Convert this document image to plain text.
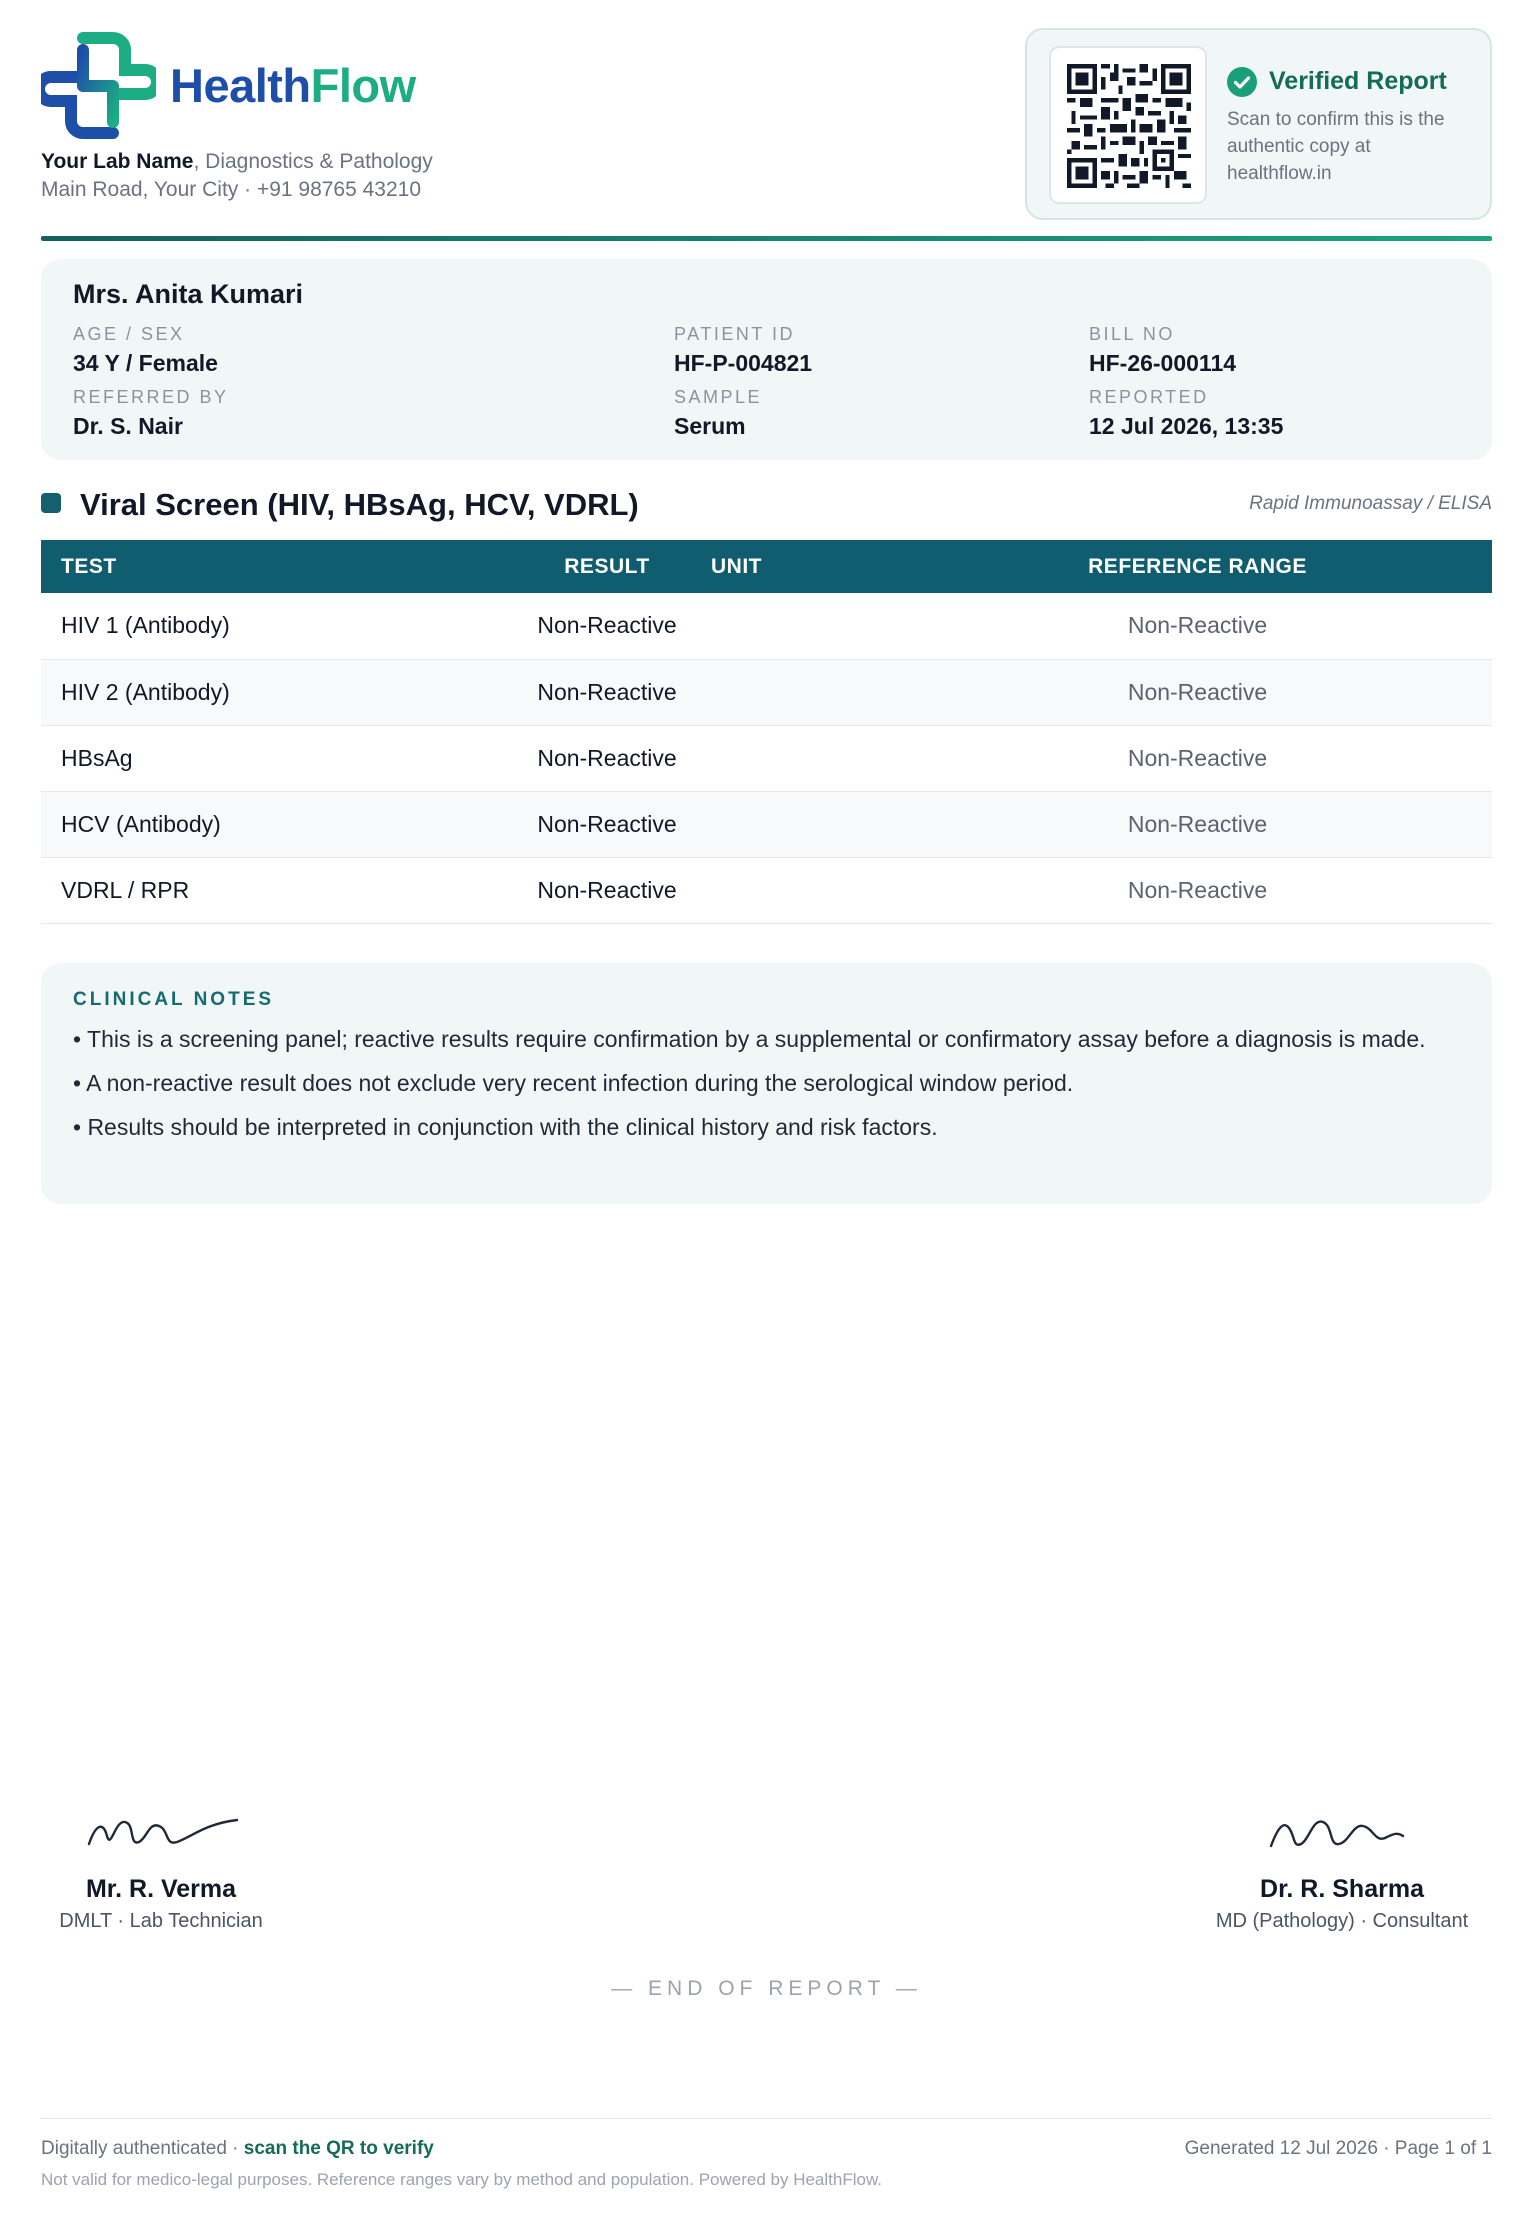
HealthFlow
Your Lab Name, Diagnostics & Pathology
Main Road, Your City · +91 98765 43210
Verified Report
Scan to confirm this is the authentic copy at healthflow.in
Mrs. Anita Kumari
AGE / SEX
34 Y / Female
REFERRED BY
Dr. S. Nair
PATIENT ID
HF-P-004821
SAMPLE
Serum
BILL NO
HF-26-000114
REPORTED
12 Jul 2026, 13:35
Viral Screen (HIV, HBsAg, HCV, VDRL)	Rapid Immunoassay / ELISA
TEST	RESULT	UNIT	REFERENCE RANGE
HIV 1 (Antibody)	Non-Reactive		Non-Reactive
HIV 2 (Antibody)	Non-Reactive		Non-Reactive
HBsAg	Non-Reactive		Non-Reactive
HCV (Antibody)	Non-Reactive		Non-Reactive
VDRL / RPR	Non-Reactive		Non-Reactive
CLINICAL NOTES
• This is a screening panel; reactive results require confirmation by a supplemental or confirmatory assay before a diagnosis is made.
• A non-reactive result does not exclude very recent infection during the serological window period.
• Results should be interpreted in conjunction with the clinical history and risk factors.
Mr. R. Verma
DMLT · Lab Technician
Dr. R. Sharma
MD (Pathology) · Consultant
— END OF REPORT —
Digitally authenticated · scan the QR to verify	Generated 12 Jul 2026 · Page 1 of 1
Not valid for medico-legal purposes. Reference ranges vary by method and population. Powered by HealthFlow.
